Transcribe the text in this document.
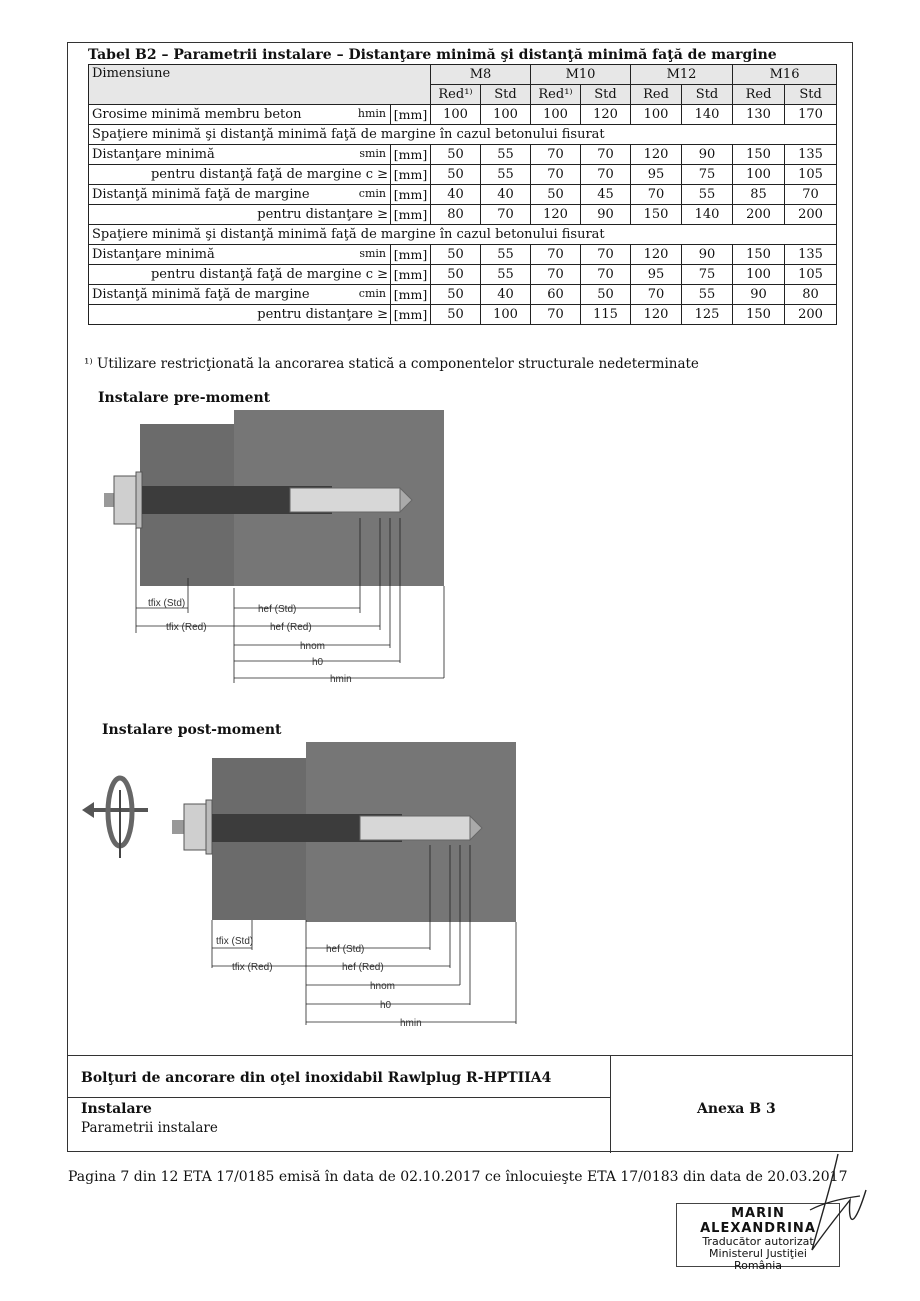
Tabel B2 – Parametrii instalare – Distanţare minimă şi distanţă minimă faţă de margine
Dimensiune		M8		M10		M12		M16	
		Red¹⁾	Std	Red¹⁾	Std	Red	Std	Red	Std
Grosime minimă membru beton hmin	[mm]	100	100	100	120	100	140	130	170
Spaţiere minimă şi distanţă minimă faţă de margine în cazul betonului fisurat									
Distanţare minimă smin	[mm]	50	55	70	70	120	90	150	135
pentru distanţă faţă de margine c ≥	[mm]	50	55	70	70	95	75	100	105
Distanţă minimă faţă de margine cmin	[mm]	40	40	50	45	70	55	85	70
pentru distanţare ≥	[mm]	80	70	120	90	150	140	200	200
Spaţiere minimă şi distanţă minimă faţă de margine în cazul betonului fisurat									
Distanţare minimă smin	[mm]	50	55	70	70	120	90	150	135
pentru distanţă faţă de margine c ≥	[mm]	50	55	70	70	95	75	100	105
Distanţă minimă faţă de margine cmin	[mm]	50	40	60	50	70	55	90	80
pentru distanţare ≥	[mm]	50	100	70	115	120	125	150	200
¹⁾ Utilizare restricţionată la ancorarea statică a componentelor structurale nedeterminate
Instalare pre-moment
tfix (Std)
tfix (Red)
hef (Std)
hef (Red)
hnom
h0
hmin
Instalare post-moment
tfix (Std)
tfix (Red)
hef (Std)
hef (Red)
hnom
h0
hmin
Bolţuri de ancorare din oţel inoxidabil Rawlplug R-HPTIIA4
Instalare
Parametrii instalare
Anexa B 3
Pagina 7 din 12 ETA 17/0185 emisă în data de 02.10.2017 ce înlocuieşte ETA 17/0183 din data de 20.03.2017
MARIN ALEXANDRINA
Traducător autorizat
Ministerul Justiţiei
România
